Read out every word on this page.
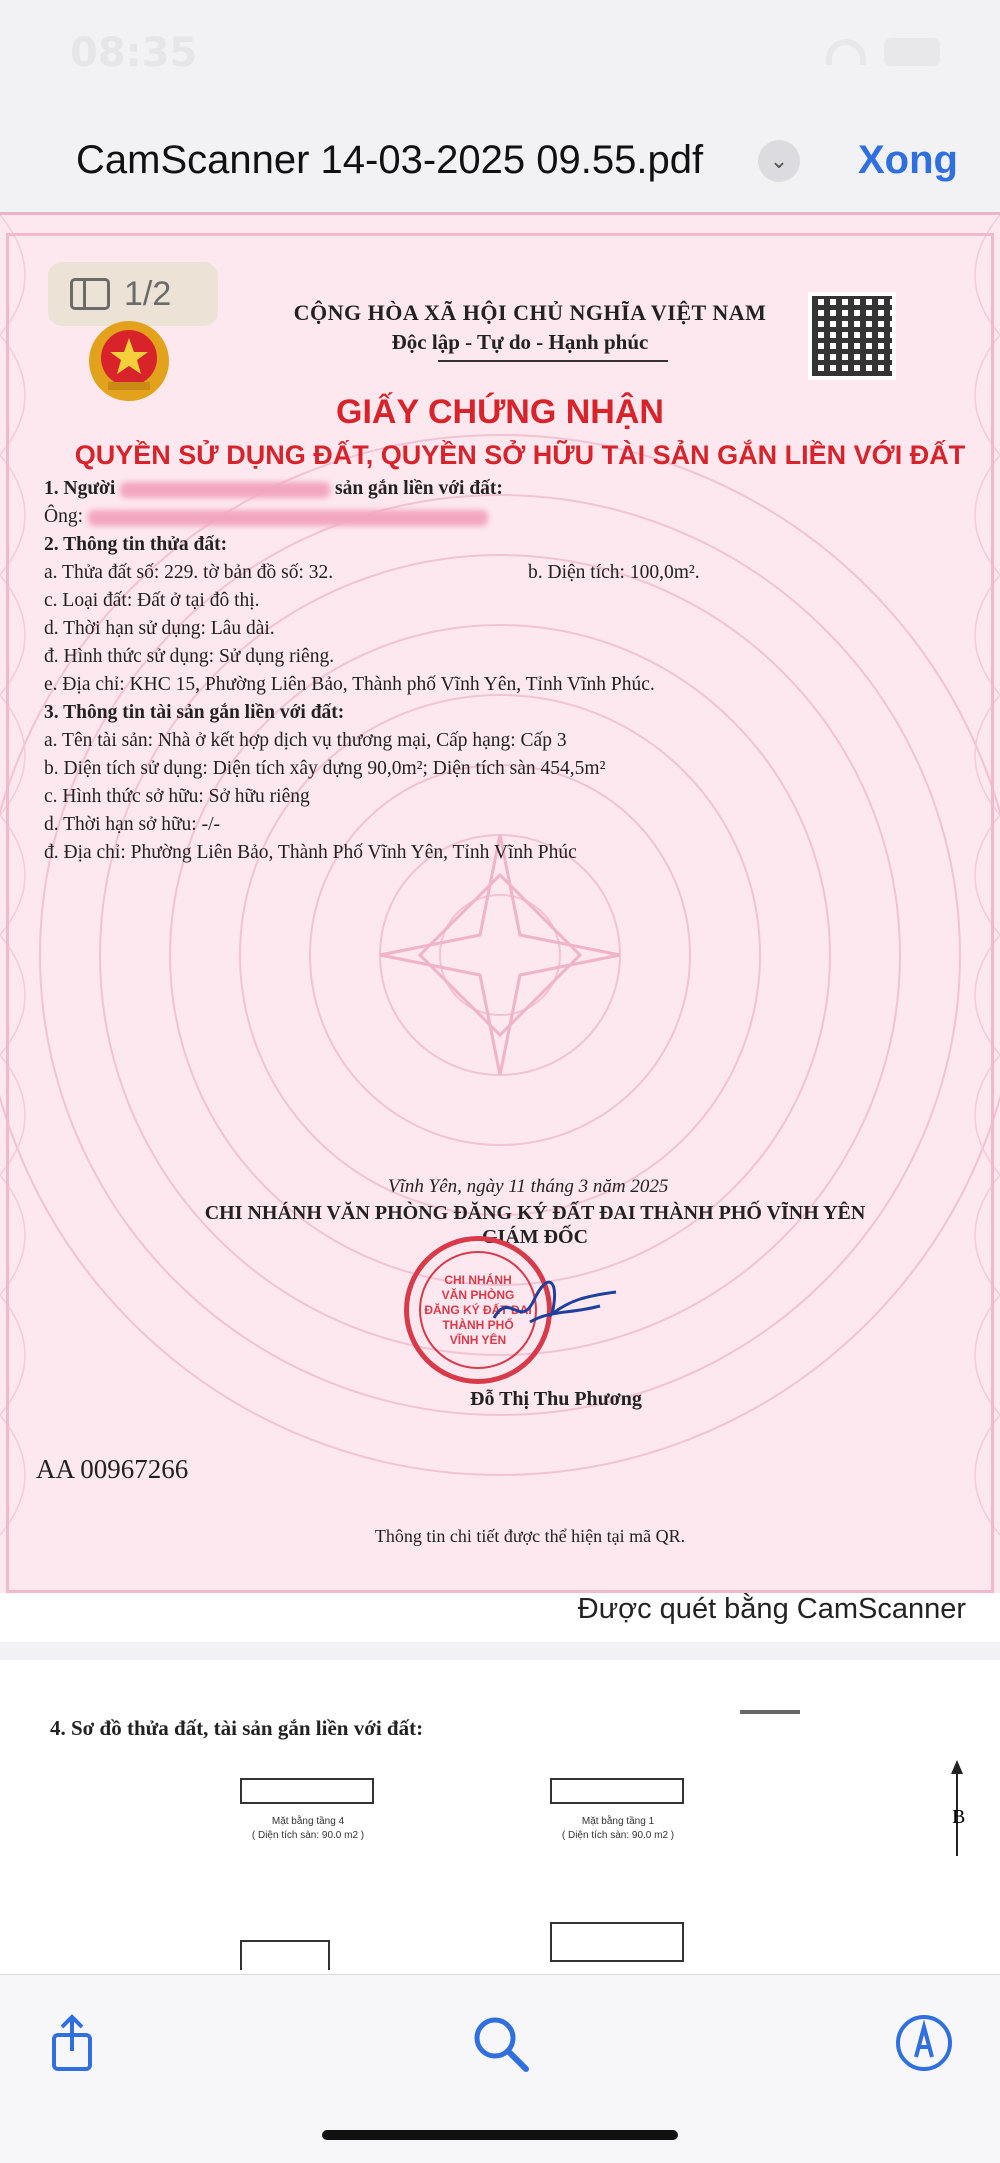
08:35
CamScanner 14-03-2025 09.55.pdf	⌄ Xong
Được quét bằng CamScanner
1/2	CỘNG HÒA XÃ HỘI CHỦ NGHĨA VIỆT NAM
Độc lập - Tự do - Hạnh phúc
GIẤY CHỨNG NHẬN
QUYỀN SỬ DỤNG ĐẤT, QUYỀN SỞ HỮU TÀI SẢN GẮN LIỀN VỚI ĐẤT
1. Người	sản gắn liền với đất:
Ông:
2. Thông tin thửa đất:
a. Thửa đất số: 229. tờ bản đồ số: 32.	b. Diện tích: 100,0m².
c. Loại đất: Đất ở tại đô thị.
d. Thời hạn sử dụng: Lâu dài.
đ. Hình thức sử dụng: Sử dụng riêng.
e. Địa chỉ: KHC 15, Phường Liên Bảo, Thành phố Vĩnh Yên, Tỉnh Vĩnh Phúc.
3. Thông tin tài sản gắn liền với đất:
a. Tên tài sản: Nhà ở kết hợp dịch vụ thương mại, Cấp hạng: Cấp 3
b. Diện tích sử dụng: Diện tích xây dựng 90,0m²; Diện tích sàn 454,5m²
c. Hình thức sở hữu: Sở hữu riêng
d. Thời hạn sở hữu: -/-
đ. Địa chỉ: Phường Liên Bảo, Thành Phố Vĩnh Yên, Tỉnh Vĩnh Phúc
Vĩnh Yên, ngày 11 tháng 3 năm 2025
CHI NHÁNH VĂN PHÒNG ĐĂNG KÝ ĐẤT ĐAI THÀNH PHỐ VĨNH YÊN
GIÁM ĐỐC
CHI NHÁNH
VĂN PHÒNG
ĐĂNG KÝ ĐẤT ĐAI
THÀNH PHỐ
VĨNH YÊN
Đỗ Thị Thu Phương
AA 00967266
Thông tin chi tiết được thể hiện tại mã QR.
4. Sơ đồ thửa đất, tài sản gắn liền với đất:
B
Mặt bằng tầng 4
( Diện tích sàn: 90.0 m2 )
Mặt bằng tầng 1
( Diện tích sàn: 90.0 m2 )
